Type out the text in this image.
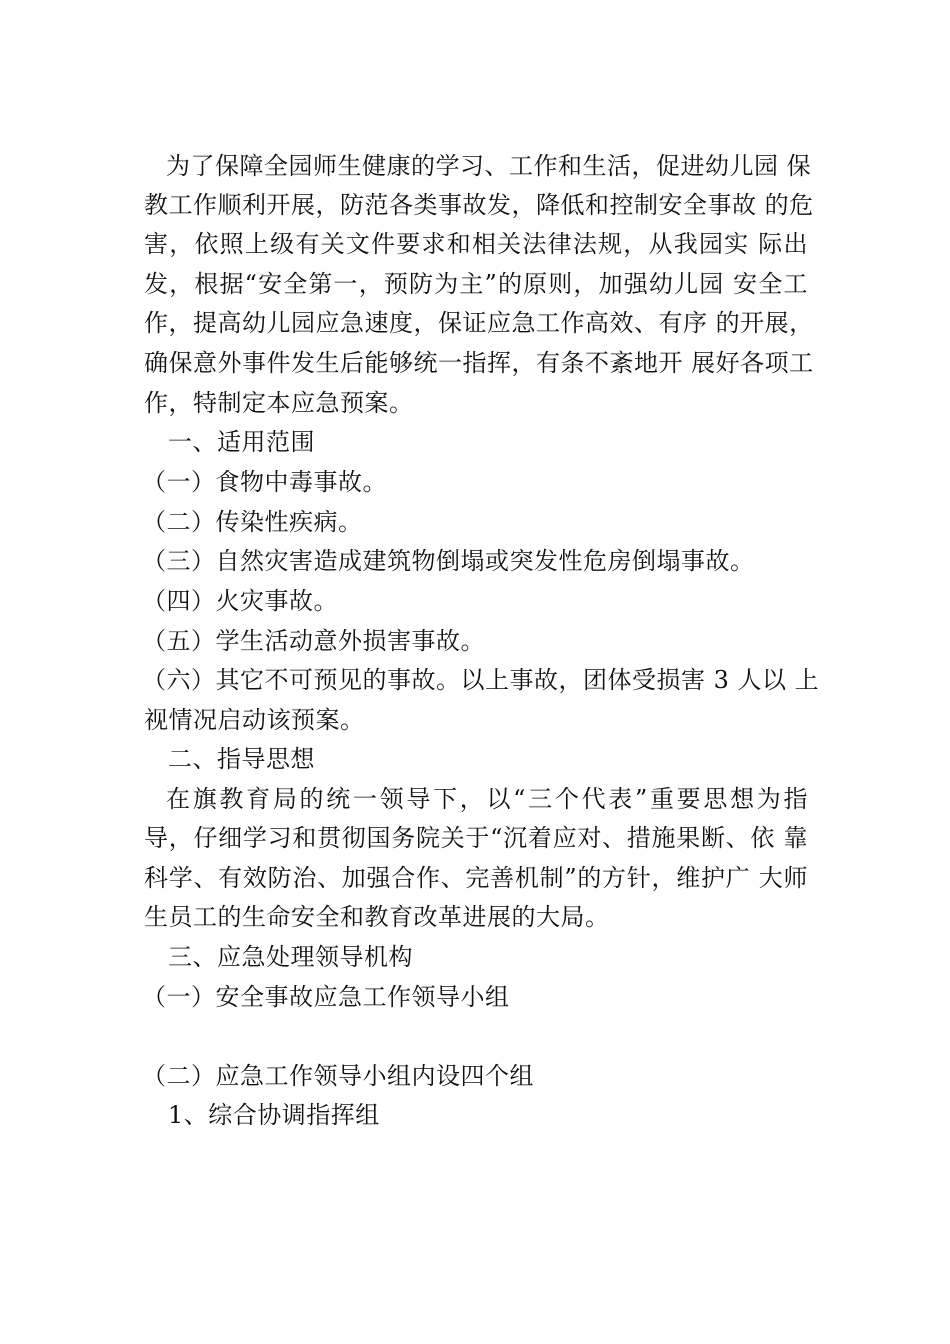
为了保障全园师生健康的学习、工作和生活，促进幼儿园 保
教工作顺利开展，防范各类事故发，降低和控制安全事故 的危
害，依照上级有关文件要求和相关法律法规，从我园实 际出
发，根据“安全第一，预防为主”的原则，加强幼儿园 安全工
作，提高幼儿园应急速度，保证应急工作高效、有序 的开展，
确保意外事件发生后能够统一指挥，有条不紊地开 展好各项工
作，特制定本应急预案。
一、适用范围
（一）食物中毒事故。
（二）传染性疾病。
（三）自然灾害造成建筑物倒塌或突发性危房倒塌事故。
（四）火灾事故。
（五）学生活动意外损害事故。
（六）其它不可预见的事故。以上事故，团体受损害 3 人以 上
视情况启动该预案。
二、指导思想
在旗教育局的统一领导下，以“三个代表”重要思想为指
导，仔细学习和贯彻国务院关于“沉着应对、措施果断、依 靠
科学、有效防治、加强合作、完善机制”的方针，维护广 大师
生员工的生命安全和教育改革进展的大局。
三、应急处理领导机构
（一）安全事故应急工作领导小组
（二）应急工作领导小组内设四个组
1、综合协调指挥组
